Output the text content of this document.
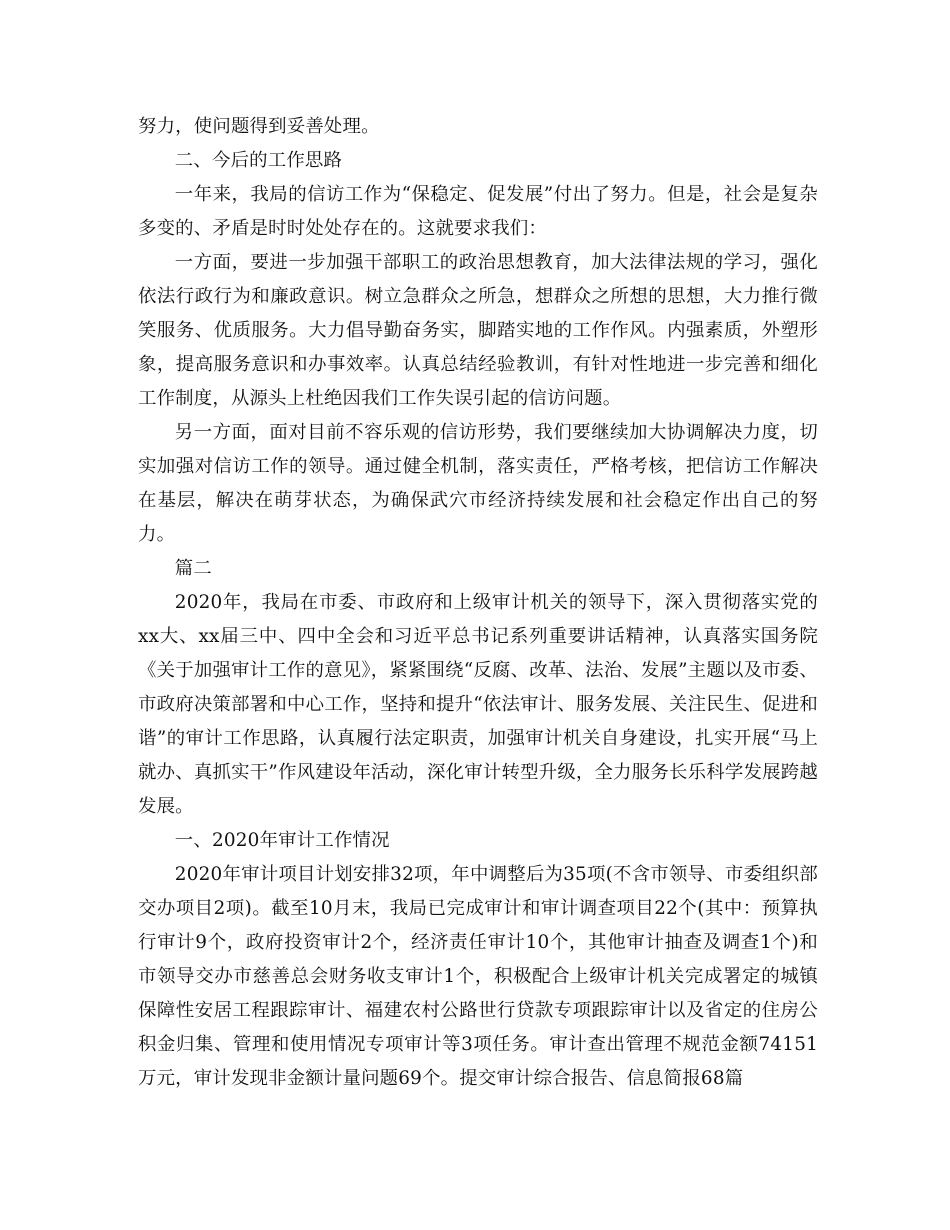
努力，使问题得到妥善处理。

二、今后的工作思路

一年来，我局的信访工作为“保稳定、促发展”付出了努力。但是，社会是复杂多变的、矛盾是时时处处存在的。这就要求我们：

一方面，要进一步加强干部职工的政治思想教育，加大法律法规的学习，强化依法行政行为和廉政意识。树立急群众之所急，想群众之所想的思想，大力推行微笑服务、优质服务。大力倡导勤奋务实，脚踏实地的工作作风。内强素质，外塑形象，提高服务意识和办事效率。认真总结经验教训，有针对性地进一步完善和细化工作制度，从源头上杜绝因我们工作失误引起的信访问题。

另一方面，面对目前不容乐观的信访形势，我们要继续加大协调解决力度，切实加强对信访工作的领导。通过健全机制，落实责任，严格考核，把信访工作解决在基层，解决在萌芽状态，为确保武穴市经济持续发展和社会稳定作出自己的努力。

篇二

2020年，我局在市委、市政府和上级审计机关的领导下，深入贯彻落实党的xx大、xx届三中、四中全会和习近平总书记系列重要讲话精神，认真落实国务院《关于加强审计工作的意见》，紧紧围绕“反腐、改革、法治、发展”主题以及市委、市政府决策部署和中心工作，坚持和提升“依法审计、服务发展、关注民生、促进和谐”的审计工作思路，认真履行法定职责，加强审计机关自身建设，扎实开展“马上就办、真抓实干”作风建设年活动，深化审计转型升级，全力服务长乐科学发展跨越发展。

一、2020年审计工作情况

2020年审计项目计划安排32项，年中调整后为35项(不含市领导、市委组织部交办项目2项)。截至10月末，我局已完成审计和审计调查项目22个(其中：预算执行审计9个，政府投资审计2个，经济责任审计10个，其他审计抽查及调查1个)和市领导交办市慈善总会财务收支审计1个，积极配合上级审计机关完成署定的城镇保障性安居工程跟踪审计、福建农村公路世行贷款专项跟踪审计以及省定的住房公积金归集、管理和使用情况专项审计等3项任务。审计查出管理不规范金额74151万元，审计发现非金额计量问题69个。提交审计综合报告、信息简报68篇
